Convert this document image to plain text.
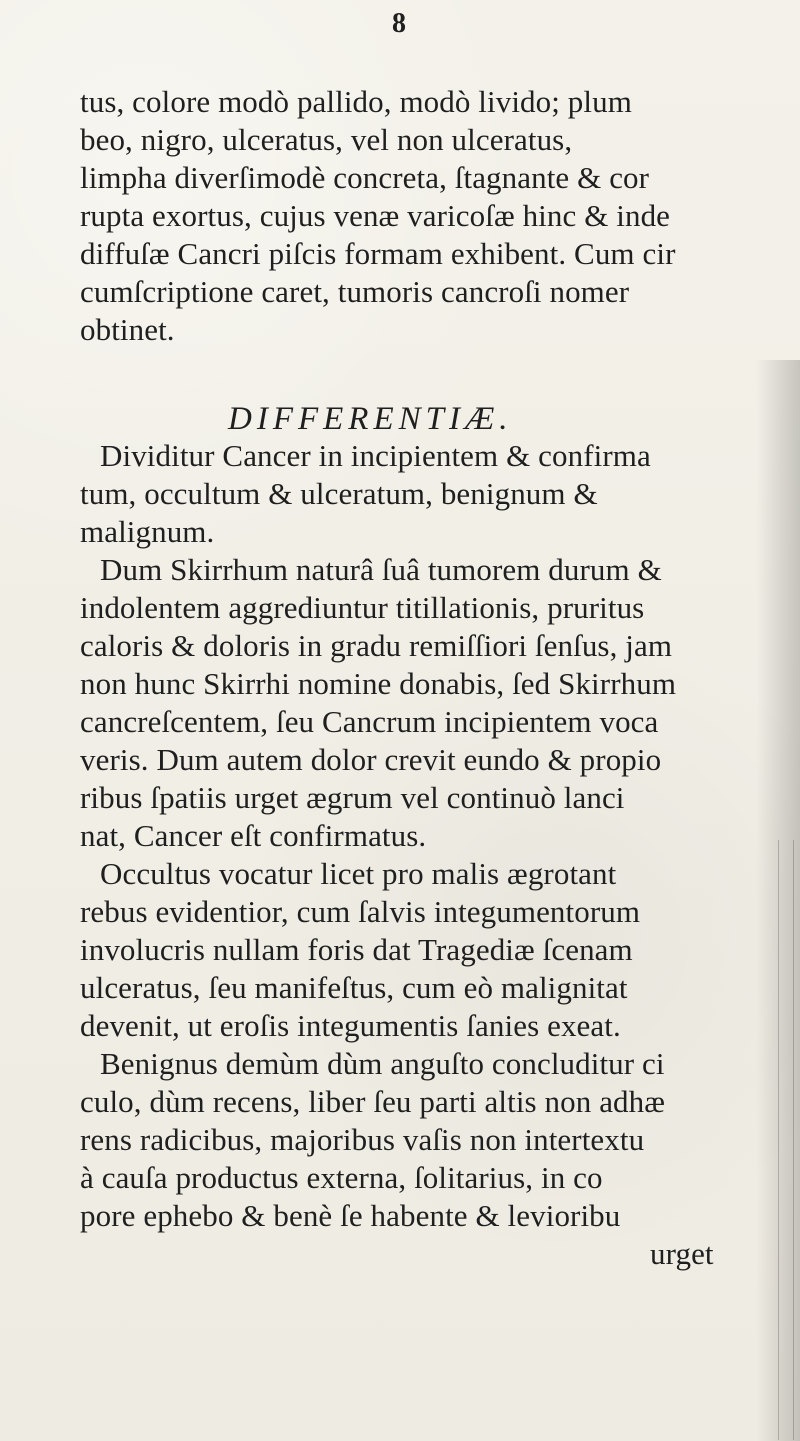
8
tus, colore modò pallido, modò livido; plum
beo, nigro, ulceratus, vel non ulceratus,
limpha diverſimodè concreta, ſtagnante & cor
rupta exortus, cujus venæ varicoſæ hinc & inde
diffuſæ Cancri piſcis formam exhibent. Cum cir
cumſcriptione caret, tumoris cancroſi nomer
obtinet.
DIFFERENTIÆ.
Dividitur Cancer in incipientem & confirma
tum, occultum & ulceratum, benignum &
malignum.
Dum Skirrhum naturâ ſuâ tumorem durum &
indolentem aggrediuntur titillationis, pruritus
caloris & doloris in gradu remiſſiori ſenſus, jam
non hunc Skirrhi nomine donabis, ſed Skirrhum
cancreſcentem, ſeu Cancrum incipientem voca
veris. Dum autem dolor crevit eundo & propio
ribus ſpatiis urget ægrum vel continuò lanci
nat, Cancer eſt confirmatus.
Occultus vocatur licet pro malis ægrotant
rebus evidentior, cum ſalvis integumentorum
involucris nullam foris dat Tragediæ ſcenam
ulceratus, ſeu manifeſtus, cum eò malignitat
devenit, ut eroſis integumentis ſanies exeat.
Benignus demùm dùm anguſto concluditur ci
culo, dùm recens, liber ſeu parti altis non adhæ
rens radicibus, majoribus vaſis non intertextu
à cauſa productus externa, ſolitarius, in co
pore ephebo & benè ſe habente & levioribu
urget
